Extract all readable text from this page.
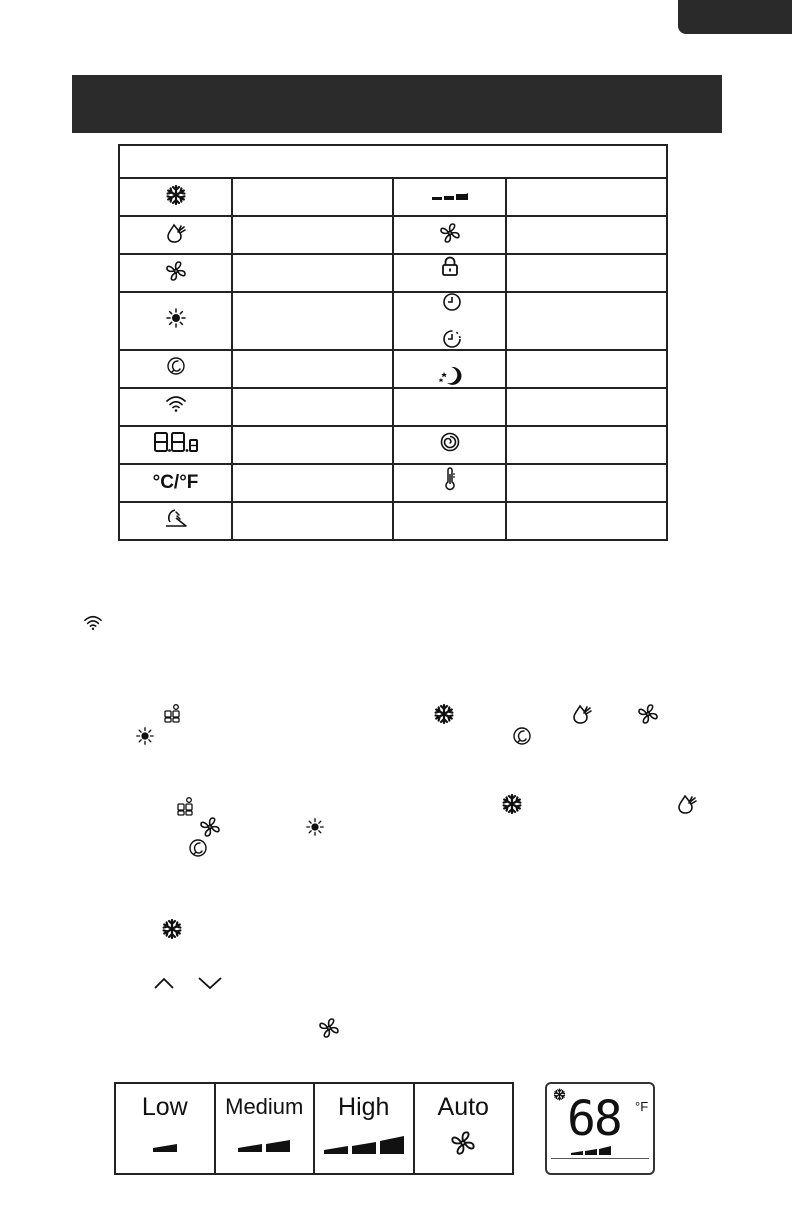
°C/°F		

Low	Medium	High	Auto	68 °F
